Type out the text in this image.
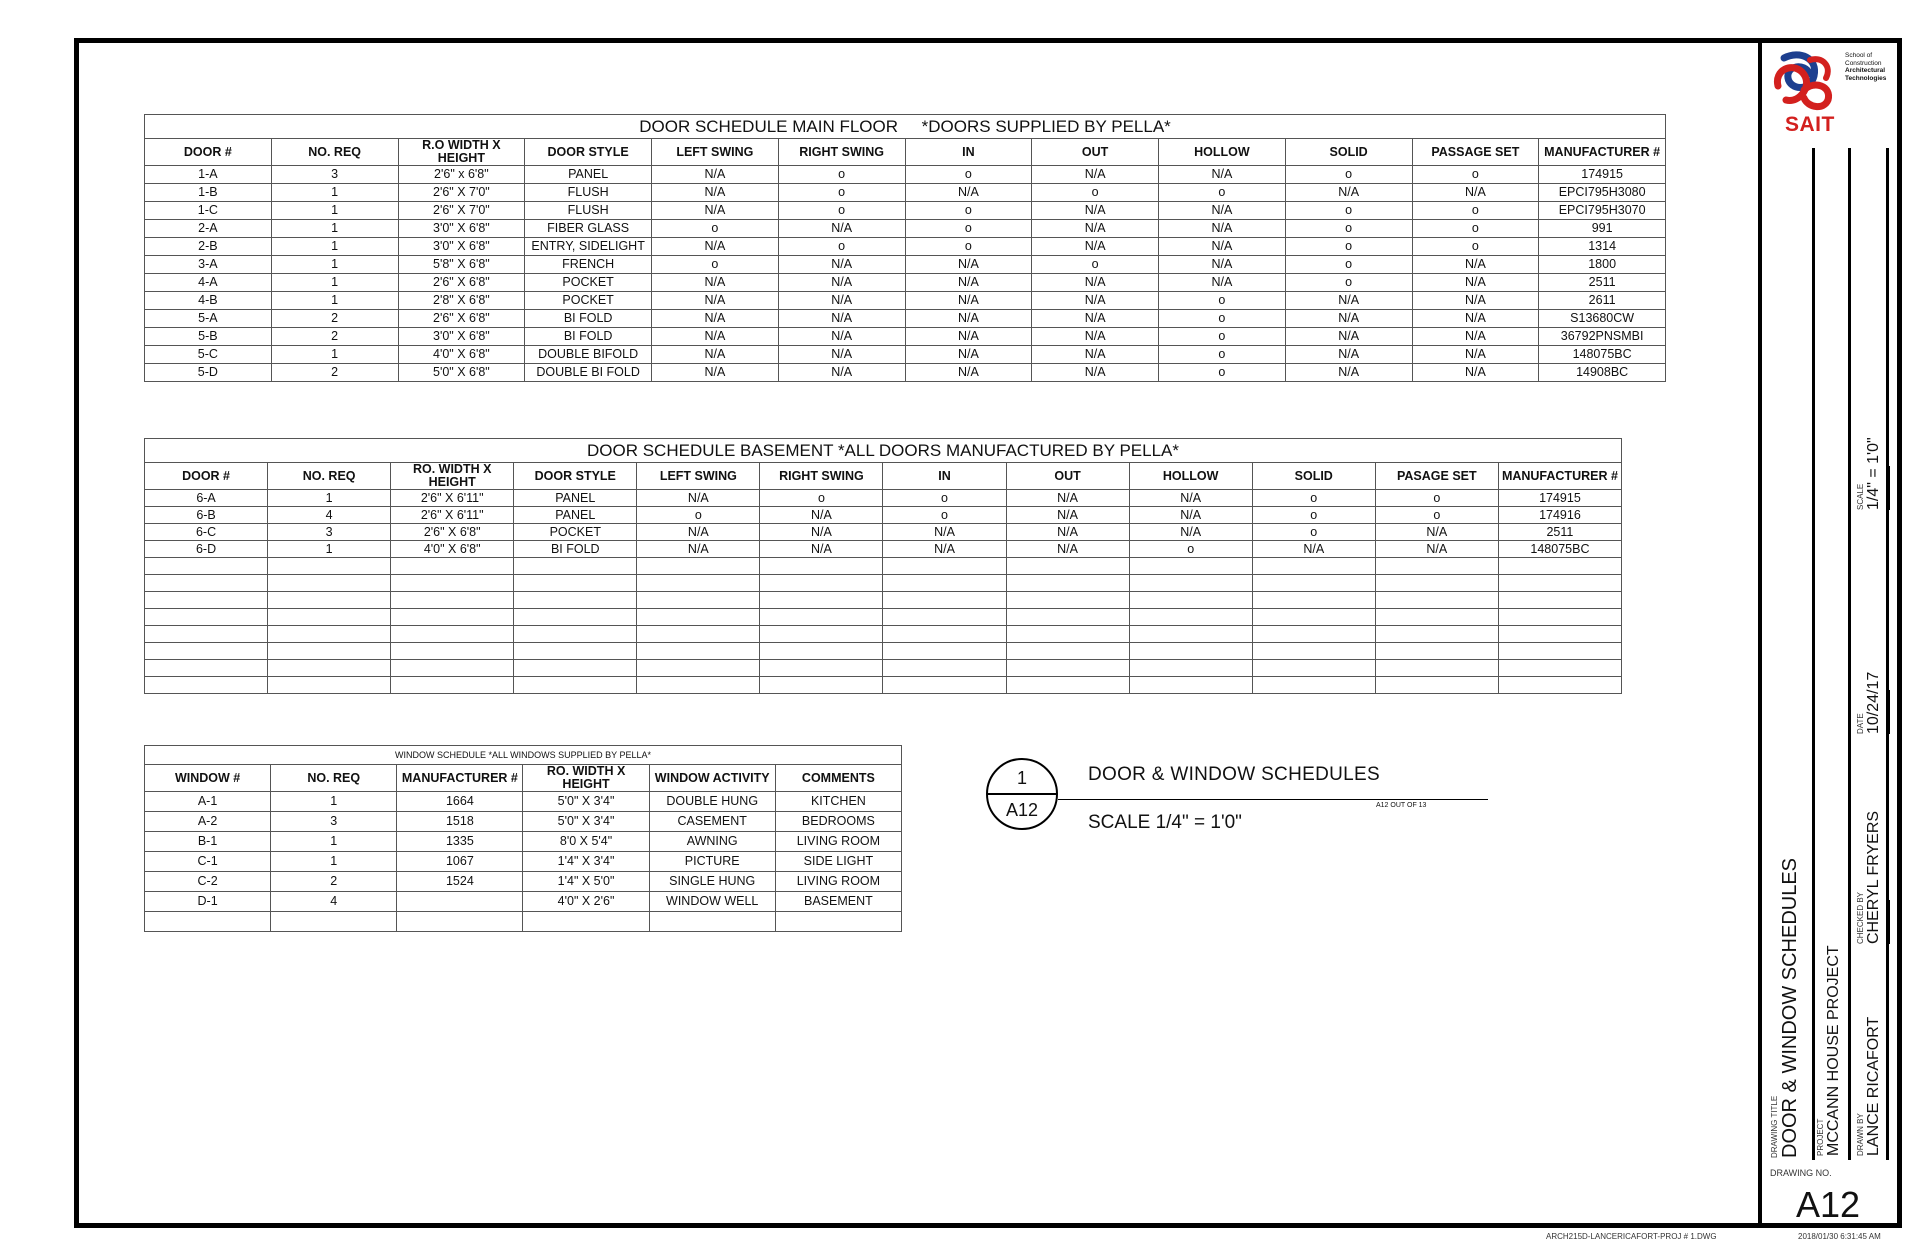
DOOR SCHEDULE MAIN FLOOR     *DOORS SUPPLIED BY PELLA*
DOOR #	NO. REQ	R.O WIDTH X HEIGHT	DOOR STYLE	LEFT SWING	RIGHT SWING	IN	OUT	HOLLOW	SOLID	PASSAGE SET	MANUFACTURER #
1-A	3	2'6" x 6'8"	PANEL	N/A	o	o	N/A	N/A	o	o	174915
1-B	1	2'6" X 7'0"	FLUSH	N/A	o	N/A	o	o	N/A	N/A	EPCI795H3080
1-C	1	2'6" X 7'0"	FLUSH	N/A	o	o	N/A	N/A	o	o	EPCI795H3070
2-A	1	3'0" X 6'8"	FIBER GLASS	o	N/A	o	N/A	N/A	o	o	991
2-B	1	3'0" X 6'8"	ENTRY, SIDELIGHT	N/A	o	o	N/A	N/A	o	o	1314
3-A	1	5'8" X 6'8"	FRENCH	o	N/A	N/A	o	N/A	o	N/A	1800
4-A	1	2'6" X 6'8"	POCKET	N/A	N/A	N/A	N/A	N/A	o	N/A	2511
4-B	1	2'8" X 6'8"	POCKET	N/A	N/A	N/A	N/A	o	N/A	N/A	2611
5-A	2	2'6" X 6'8"	BI FOLD	N/A	N/A	N/A	N/A	o	N/A	N/A	S13680CW
5-B	2	3'0" X 6'8"	BI FOLD	N/A	N/A	N/A	N/A	o	N/A	N/A	36792PNSMBI
5-C	1	4'0" X 6'8"	DOUBLE BIFOLD	N/A	N/A	N/A	N/A	o	N/A	N/A	148075BC
5-D	2	5'0" X 6'8"	DOUBLE BI FOLD	N/A	N/A	N/A	N/A	o	N/A	N/A	14908BC
DOOR SCHEDULE BASEMENT *ALL DOORS MANUFACTURED BY PELLA*
DOOR #	NO. REQ	RO. WIDTH X HEIGHT	DOOR STYLE	LEFT SWING	RIGHT SWING	IN	OUT	HOLLOW	SOLID	PASAGE SET	MANUFACTURER #
6-A	1	2'6" X 6'11"	PANEL	N/A	o	o	N/A	N/A	o	o	174915
6-B	4	2'6" X 6'11"	PANEL	o	N/A	o	N/A	N/A	o	o	174916
6-C	3	2'6" X 6'8"	POCKET	N/A	N/A	N/A	N/A	N/A	o	N/A	2511
6-D	1	4'0" X 6'8"	BI FOLD	N/A	N/A	N/A	N/A	o	N/A	N/A	148075BC

WINDOW SCHEDULE *ALL WINDOWS SUPPLIED BY PELLA*
WINDOW #	NO. REQ	MANUFACTURER #	RO. WIDTH X HEIGHT	WINDOW ACTIVITY	COMMENTS
A-1	1	1664	5'0" X 3'4"	DOUBLE HUNG	KITCHEN
A-2	3	1518	5'0" X 3'4"	CASEMENT	BEDROOMS
B-1	1	1335	8'0 X 5'4"	AWNING	LIVING ROOM
C-1	1	1067	1'4" X 3'4"	PICTURE	SIDE LIGHT
C-2	2	1524	1'4" X 5'0"	SINGLE HUNG	LIVING ROOM
D-1	4		4'0" X 2'6"	WINDOW WELL	BASEMENT

1
A12
DOOR & WINDOW SCHEDULES
A12 OUT OF 13
SCALE 1/4" = 1'0"
SAIT
School of
Construction
Architectural
Technologies
DRAWING TITLE DOOR & WINDOW SCHEDULES PROJECT MCCANN HOUSE PROJECT DRAWN BY LANCE RICAFORT
CHECKED BY CHERYL FRYERS
DATE 10/24/17
SCALE 1/4" = 1'0"
DRAWING NO.
A12
ARCH215D-LANCERICAFORT-PROJ # 1.DWG	2018/01/30 6:31:45 AM
